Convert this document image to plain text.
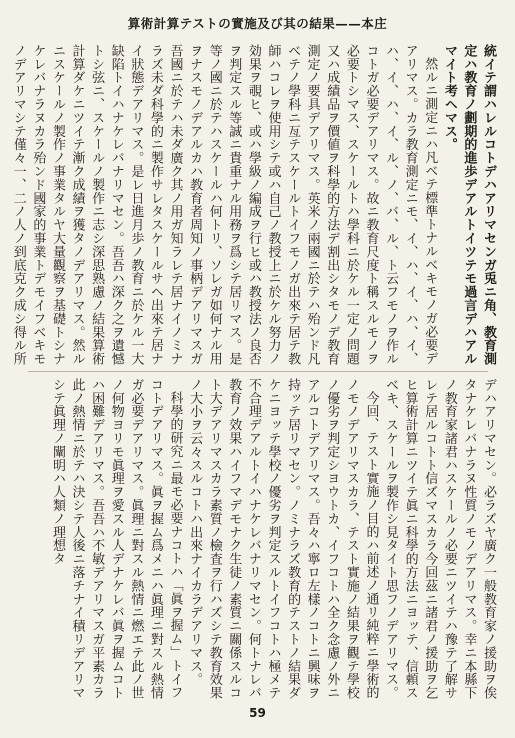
算術計算テストの實施及び其の結果——本庄

統イテ謂ハレルコトデハアリマセンガ兎ニ角、教育測定ハ教育ノ劃期的進歩デアルトイツテモ過言デハアルマイト考ヘマス。

然ルニ測定ニハ凡ベテ標準トナルベキモノガ必要デアリマス。カラ教育測定ニモ、イ、ハ、イ、ハ、イ、ハ、イ、ハ、イ、ル、ノ、バ、ル、ト云フモノヲ作ルコトガ必要デアリマス。故ニ教育尺度ト稱スルモノヲ必要トシマス、スケールトハ學科ニ於ケル一定ノ問題又ハ成績品ヲ價値ヲ科學的方法デ割出シタモノデ教育測定ノ要具デアリマス。英米ノ兩國ニ於テハ殆ンド凡ベテノ學科ニ亙テスケールトイフモノガ出來テ居テ教師ハコレヲ使用シテ或ハ自己ノ教授上ニ於ケル努力ノ効果ヲ覗ヒ、或ハ學級ノ編成ヲ行ヒ或ハ教授法ノ良否ヲ判定スル等誠ニ貴重ナル用務ヲ爲シテ居リマス。是等ノ國ニ於テハスケールハ何トリ、ソレガ如何ナル用ヲナスモノデアルカハ教育者周知ノ事柄デアリマスガ吾國ニ於テハ未ダ廣ク其ノ用ガ知ラレテ居ナイノミナラズ未ダ科學的ニ製作サレタスケールサヘ出來テ居ナイ狀態デアリマス。是レ日進月歩ノ教育ニ於ケル一大缺陷トイハナケレバナリマセン。吾吾ハ深ク之ヲ遺憾トシ弦ニ、スケールノ製作ニ志シ深思熟慮ノ結果算術計算ダケニツイテ漸ク成績ヲ獲タノデアリマス。然ルニスケールノ製作ノ事業タルヤ大量觀察ヲ基礎トシナケレバナラヌカラ殆ンド國家的事業トデモイフベキモノデアリマシテ僅々一、二ノ人ノ到底克ク成シ得ル所

デハアリマセン。必ラズヤ廣ク一般教育家ノ援助ヲ俟タナケレバナラヌ性質ノモノデアリマス。幸ニ本縣下ノ教育家諸君ハスケールノ必要ニツイテハ豫テ了解サレテ居ルコトト信ズマスカラ今回茲ニ諸君ノ援助ヲ乞ヒ算術計算ニツイテ眞ニ科學的方法ニヨッテ、信頼スベキ、スケールヲ製作シ見タイト思フノデアリマス。

今回、テスト實施ノ目的ハ前述ノ通リ純粹ニ學術的ノモノデアリマスカラ、テスト實施ノ結果ヲ觀テ學校ノ優劣ヲ判定シヨウトカ、イフコトハ全ク念慮ノ外ニアルコトデアリマス。吾々ハ寧ロ左樣ノコトニ興味ヲ持ッテ居リマセン。ノミナラズ教育的テストノ結果ダケニヨッテ學校ノ優劣ヲ判定スルトイフコトハ極メテ不合理デアルトイハナケレバナリマセン。何トナレバ教育ノ效果ハイフマデモナク生徒ノ素質ニ關係スルコト大デアリマスカラ素質ノ檢査ヲ行ハズシテ教育效果ノ大小ヲ云々スルコトハ出來ナイカラデアリマス。

科學的研究ニ最モ必要ナコトハ「眞ヲ握ム」トイフコトデアリマス。眞ヲ握ム爲メニハ眞理ニ對スル熱情ガ必要デアリマス。眞理ニ對スル熱情ニ燃エテ此ノ世ノ何物ヨリモ眞理ヲ愛スル人デナケレバ眞ヲ握ムコトハ困難デアリマス。吾吾ハ不敏デアリマスガ平素カラ此ノ熱情ニ於テハ決シテ人後ニ落チナイ積リデアリマシテ眞理ノ闡明ハ人類ノ理想タ

59
